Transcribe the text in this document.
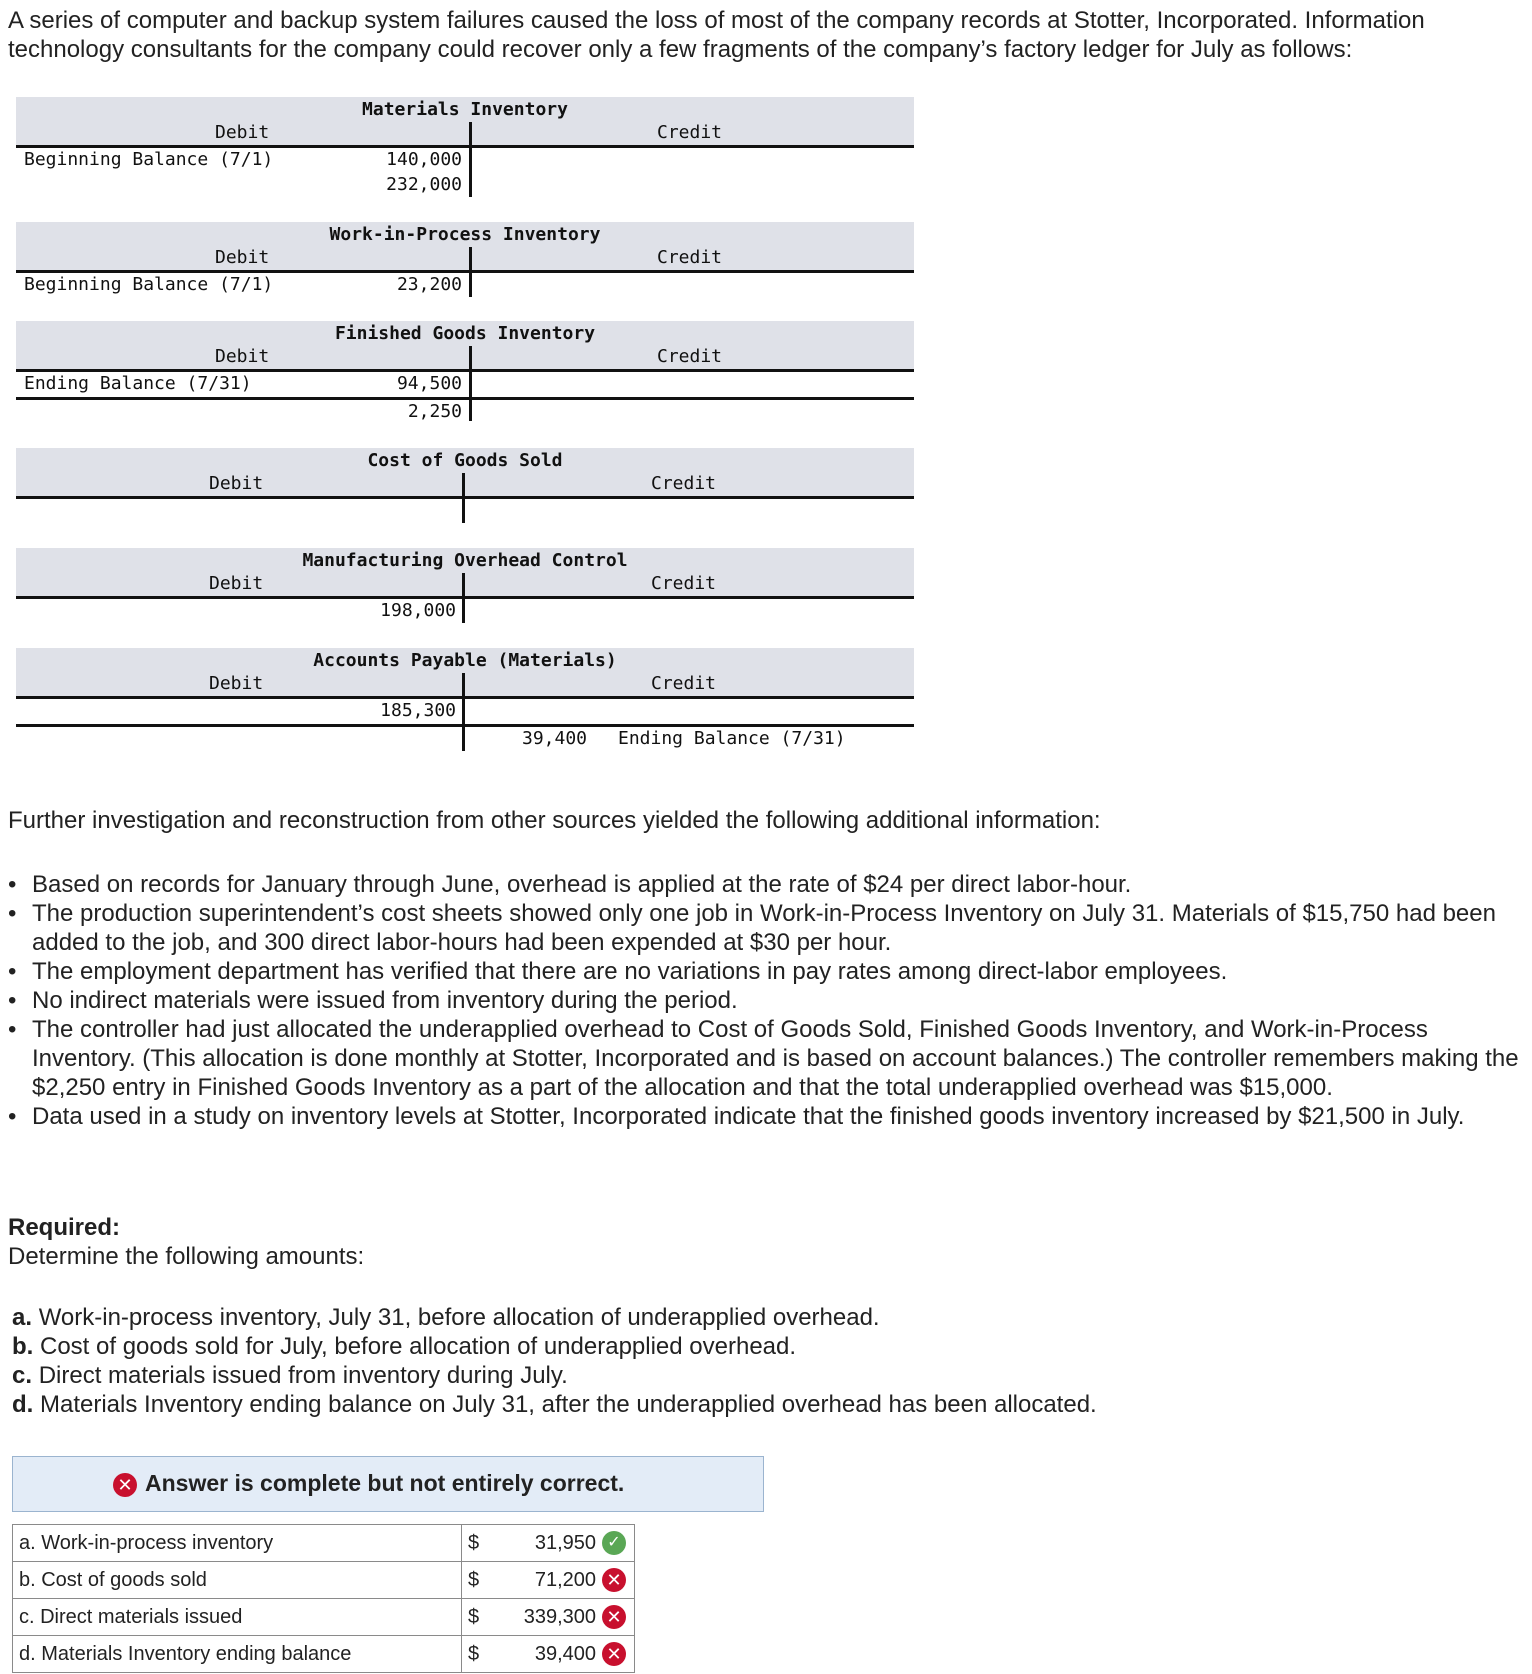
A series of computer and backup system failures caused the loss of most of the company records at Stotter, Incorporated. Information technology consultants for the company could recover only a few fragments of the company’s factory ledger for July as follows:

Materials Inventory
Debit	Credit
Beginning Balance (7/1)	140,000
232,000
Work-in-Process Inventory
Debit	Credit
Beginning Balance (7/1)	23,200
Finished Goods Inventory
Debit	Credit
Ending Balance (7/31)	94,500
2,250
Cost of Goods Sold
Debit	Credit
Manufacturing Overhead Control
Debit	Credit
198,000
Accounts Payable (Materials)
Debit	Credit
185,300
39,400 Ending Balance (7/31)

Further investigation and reconstruction from other sources yielded the following additional information:

• Based on records for January through June, overhead is applied at the rate of $24 per direct labor-hour.
• The production superintendent’s cost sheets showed only one job in Work-in-Process Inventory on July 31. Materials of $15,750 had been added to the job, and 300 direct labor-hours had been expended at $30 per hour.
• The employment department has verified that there are no variations in pay rates among direct-labor employees.
• No indirect materials were issued from inventory during the period.
• The controller had just allocated the underapplied overhead to Cost of Goods Sold, Finished Goods Inventory, and Work-in-Process Inventory. (This allocation is done monthly at Stotter, Incorporated and is based on account balances.) The controller remembers making the $2,250 entry in Finished Goods Inventory as a part of the allocation and that the total underapplied overhead was $15,000.
• Data used in a study on inventory levels at Stotter, Incorporated indicate that the finished goods inventory increased by $21,500 in July.
Required:
Determine the following amounts:
a. Work-in-process inventory, July 31, before allocation of underapplied overhead.
b. Cost of goods sold for July, before allocation of underapplied overhead.
c. Direct materials issued from inventory during July.
d. Materials Inventory ending balance on July 31, after the underapplied overhead has been allocated.
✕ Answer is complete but not entirely correct.
a. Work-in-process inventory	$ 31,950 ✓

b. Cost of goods sold	$ 71,200 ✕

c. Direct materials issued	$ 339,300 ✕

d. Materials Inventory ending balance	$ 39,400 ✕
